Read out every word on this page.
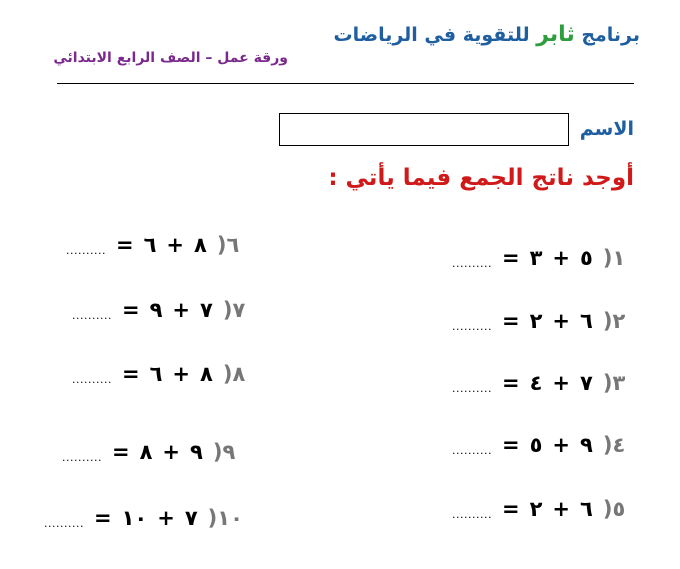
برنامج ثابر للتقوية في الرياضات
ورقة عمل – الصف الرابع الابتدائي
الاسم
أوجد ناتج الجمع فيما يأتي :
.......... = ٣ + ٥ ) ١
.......... = ٢ + ٦ ) ٢
.......... = ٤ + ٧ ) ٣
.......... = ٥ + ٩ ) ٤
.......... = ٢ + ٦ ) ٥
.......... = ٦ + ٨ ) ٦
.......... = ٩ + ٧ ) ٧
.......... = ٦ + ٨ ) ٨
.......... = ٨ + ٩ ) ٩
.......... = ١٠ + ٧ ) ١٠
